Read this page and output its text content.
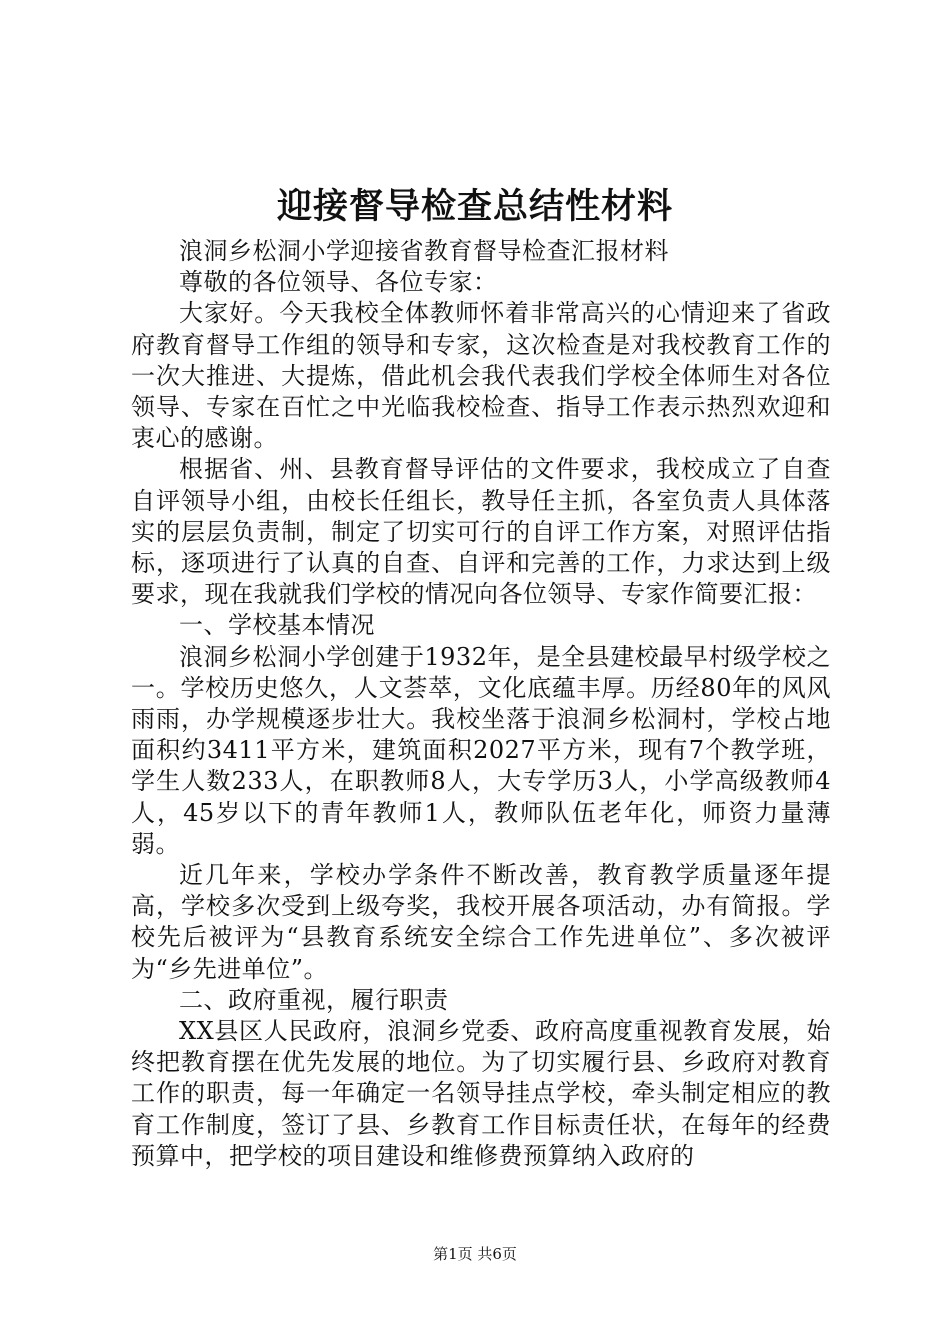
迎接督导检查总结性材料

浪洞乡松洞小学迎接省教育督导检查汇报材料

尊敬的各位领导、各位专家：

大家好。今天我校全体教师怀着非常高兴的心情迎来了省政府教育督导工作组的领导和专家，这次检查是对我校教育工作的一次大推进、大提炼，借此机会我代表我们学校全体师生对各位领导、专家在百忙之中光临我校检查、指导工作表示热烈欢迎和衷心的感谢。

根据省、州、县教育督导评估的文件要求，我校成立了自查自评领导小组，由校长任组长，教导任主抓，各室负责人具体落实的层层负责制，制定了切实可行的自评工作方案，对照评估指标，逐项进行了认真的自查、自评和完善的工作，力求达到上级要求，现在我就我们学校的情况向各位领导、专家作简要汇报：

一、学校基本情况

浪洞乡松洞小学创建于1932年，是全县建校最早村级学校之一。学校历史悠久，人文荟萃，文化底蕴丰厚。历经80年的风风雨雨，办学规模逐步壮大。我校坐落于浪洞乡松洞村，学校占地面积约3411平方米，建筑面积2027平方米，现有7个教学班，学生人数233人，在职教师8人，大专学历3人，小学高级教师4人，45岁以下的青年教师1人，教师队伍老年化，师资力量薄弱。

近几年来，学校办学条件不断改善，教育教学质量逐年提高，学校多次受到上级夸奖，我校开展各项活动，办有简报。学校先后被评为“县教育系统安全综合工作先进单位”、多次被评为“乡先进单位”。

二、政府重视，履行职责

XX县区人民政府，浪洞乡党委、政府高度重视教育发展，始终把教育摆在优先发展的地位。为了切实履行县、乡政府对教育工作的职责，每一年确定一名领导挂点学校，牵头制定相应的教育工作制度，签订了县、乡教育工作目标责任状，在每年的经费预算中，把学校的项目建设和维修费预算纳入政府的

第1页 共6页
